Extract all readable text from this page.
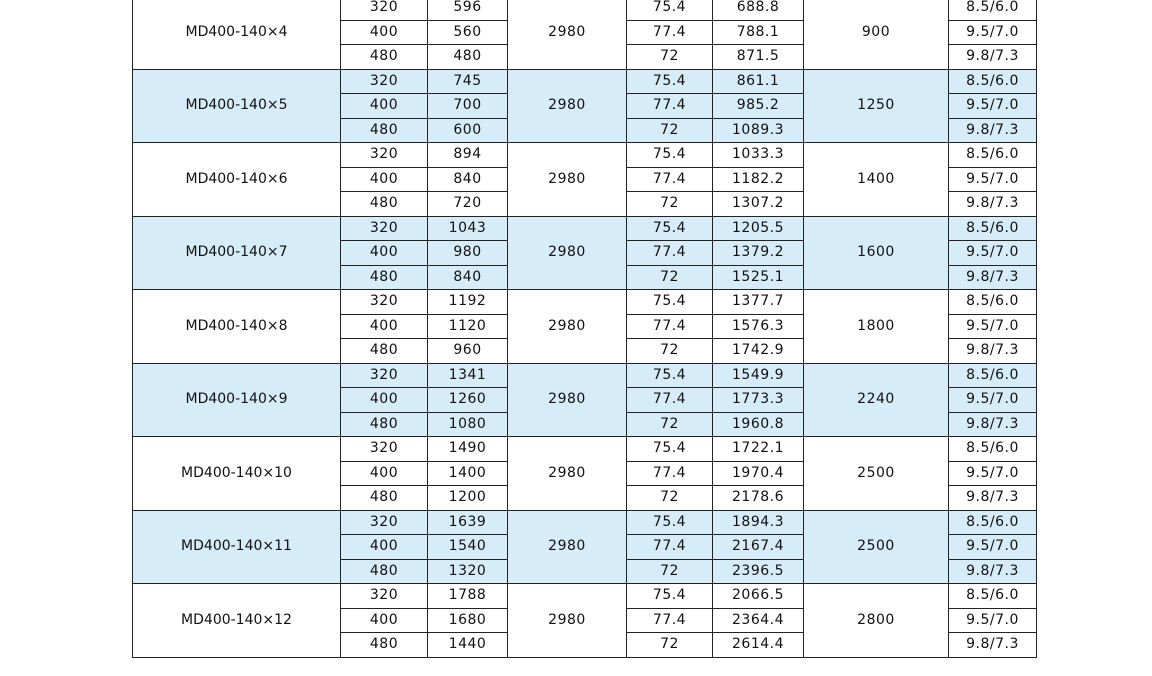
MD400-140×4	320	596	2980	75.4	688.8	900	8.5/6.0
	400	560		77.4	788.1		9.5/7.0
	480	480		72	871.5		9.8/7.3
MD400-140×5	320	745	2980	75.4	861.1	1250	8.5/6.0
	400	700		77.4	985.2		9.5/7.0
	480	600		72	1089.3		9.8/7.3
MD400-140×6	320	894	2980	75.4	1033.3	1400	8.5/6.0
	400	840		77.4	1182.2		9.5/7.0
	480	720		72	1307.2		9.8/7.3
MD400-140×7	320	1043	2980	75.4	1205.5	1600	8.5/6.0
	400	980		77.4	1379.2		9.5/7.0
	480	840		72	1525.1		9.8/7.3
MD400-140×8	320	1192	2980	75.4	1377.7	1800	8.5/6.0
	400	1120		77.4	1576.3		9.5/7.0
	480	960		72	1742.9		9.8/7.3
MD400-140×9	320	1341	2980	75.4	1549.9	2240	8.5/6.0
	400	1260		77.4	1773.3		9.5/7.0
	480	1080		72	1960.8		9.8/7.3
MD400-140×10	320	1490	2980	75.4	1722.1	2500	8.5/6.0
	400	1400		77.4	1970.4		9.5/7.0
	480	1200		72	2178.6		9.8/7.3
MD400-140×11	320	1639	2980	75.4	1894.3	2500	8.5/6.0
	400	1540		77.4	2167.4		9.5/7.0
	480	1320		72	2396.5		9.8/7.3
MD400-140×12	320	1788	2980	75.4	2066.5	2800	8.5/6.0
	400	1680		77.4	2364.4		9.5/7.0
	480	1440		72	2614.4		9.8/7.3
